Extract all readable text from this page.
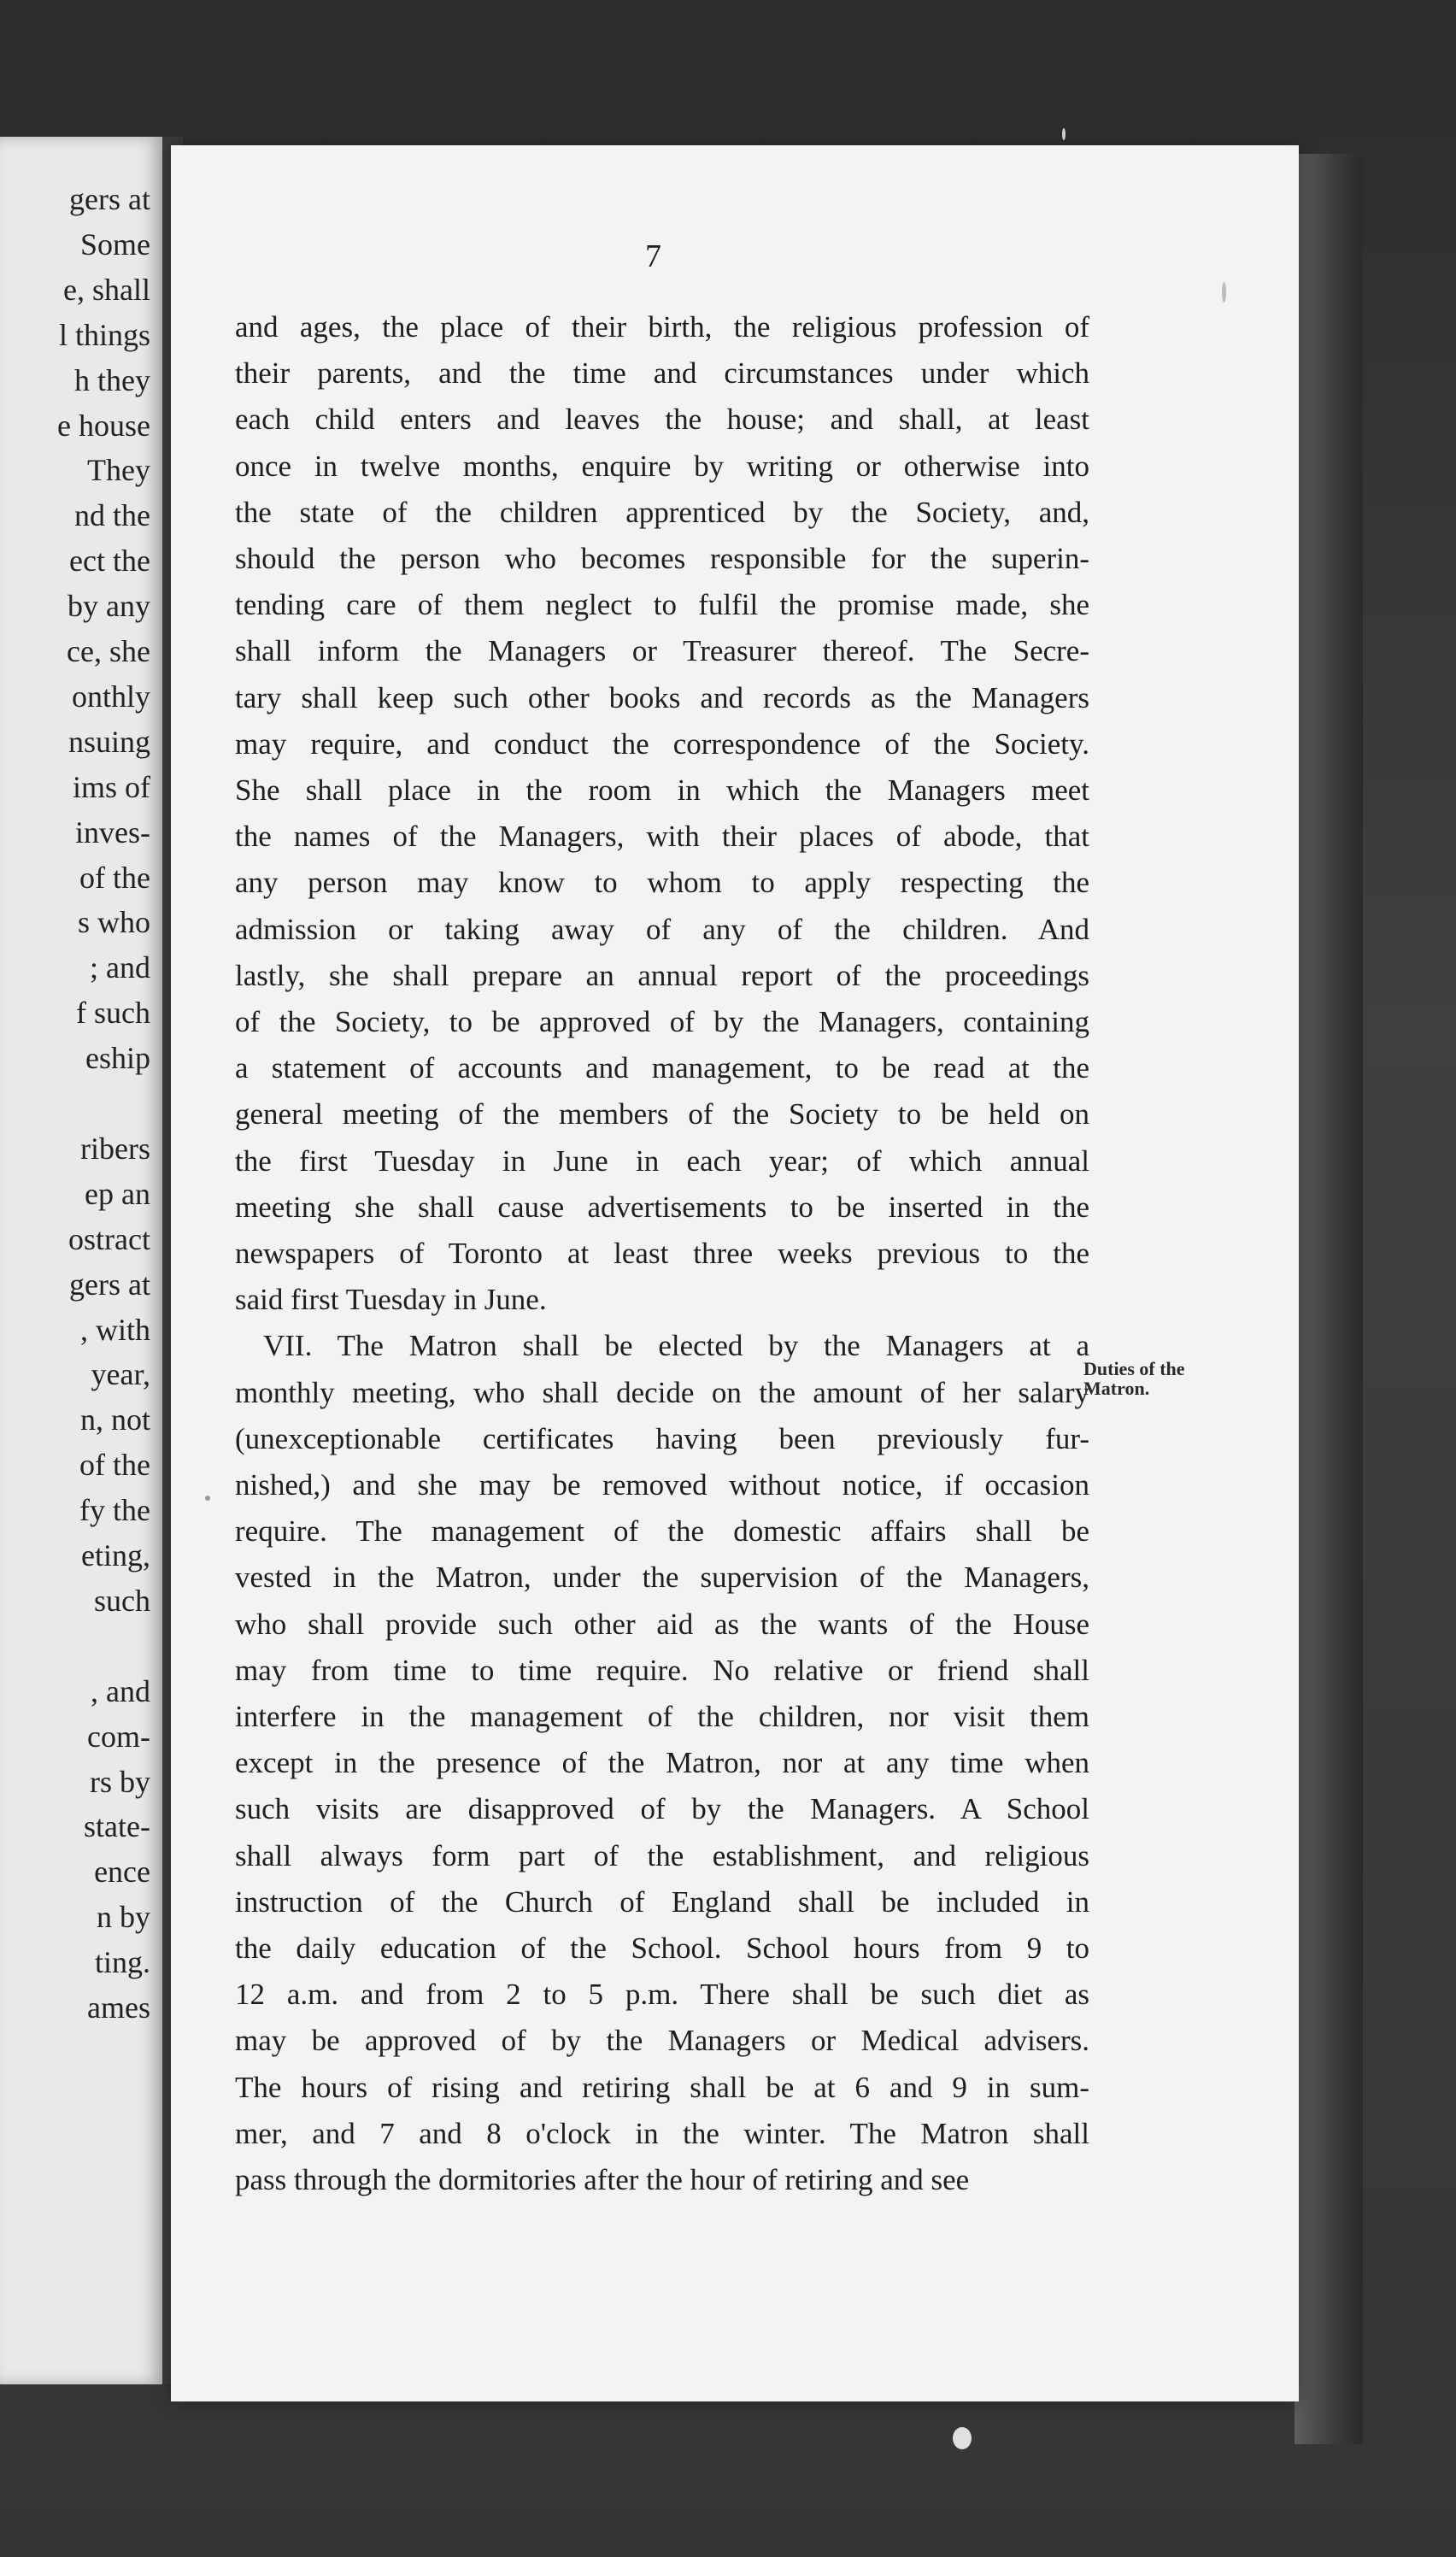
gers at
Some
e, shall
l things
h they
e house
They
nd the
ect the
by any
ce, she
onthly
nsuing
ims of
inves-
of the
s who
; and
f such
eship
ribers
ep an
ostract
gers at
, with
year,
n, not
of the
fy the
eting,
such
, and
com-
rs by
state-
ence
n by
ting.
ames
7
and ages, the place of their birth, the religious profession of
their parents, and the time and circumstances under which
each child enters and leaves the house; and shall, at least
once in twelve months, enquire by writing or otherwise into
the state of the children apprenticed by the Society, and,
should the person who becomes responsible for the superin-
tending care of them neglect to fulfil the promise made, she
shall inform the Managers or Treasurer thereof. The Secre-
tary shall keep such other books and records as the Managers
may require, and conduct the correspondence of the Society.
She shall place in the room in which the Managers meet
the names of the Managers, with their places of abode, that
any person may know to whom to apply respecting the
admission or taking away of any of the children. And
lastly, she shall prepare an annual report of the proceedings
of the Society, to be approved of by the Managers, containing
a statement of accounts and management, to be read at the
general meeting of the members of the Society to be held on
the first Tuesday in June in each year; of which annual
meeting she shall cause advertisements to be inserted in the
newspapers of Toronto at least three weeks previous to the
said first Tuesday in June.
VII. The Matron shall be elected by the Managers at a
monthly meeting, who shall decide on the amount of her salary
(unexceptionable certificates having been previously fur-
nished,) and she may be removed without notice, if occasion
require. The management of the domestic affairs shall be
vested in the Matron, under the supervision of the Managers,
who shall provide such other aid as the wants of the House
may from time to time require. No relative or friend shall
interfere in the management of the children, nor visit them
except in the presence of the Matron, nor at any time when
such visits are disapproved of by the Managers. A School
shall always form part of the establishment, and religious
instruction of the Church of England shall be included in
the daily education of the School. School hours from 9 to
12 a.m. and from 2 to 5 p.m. There shall be such diet as
may be approved of by the Managers or Medical advisers.
The hours of rising and retiring shall be at 6 and 9 in sum-
mer, and 7 and 8 o'clock in the winter. The Matron shall
pass through the dormitories after the hour of retiring and see
Duties of the
Matron.
